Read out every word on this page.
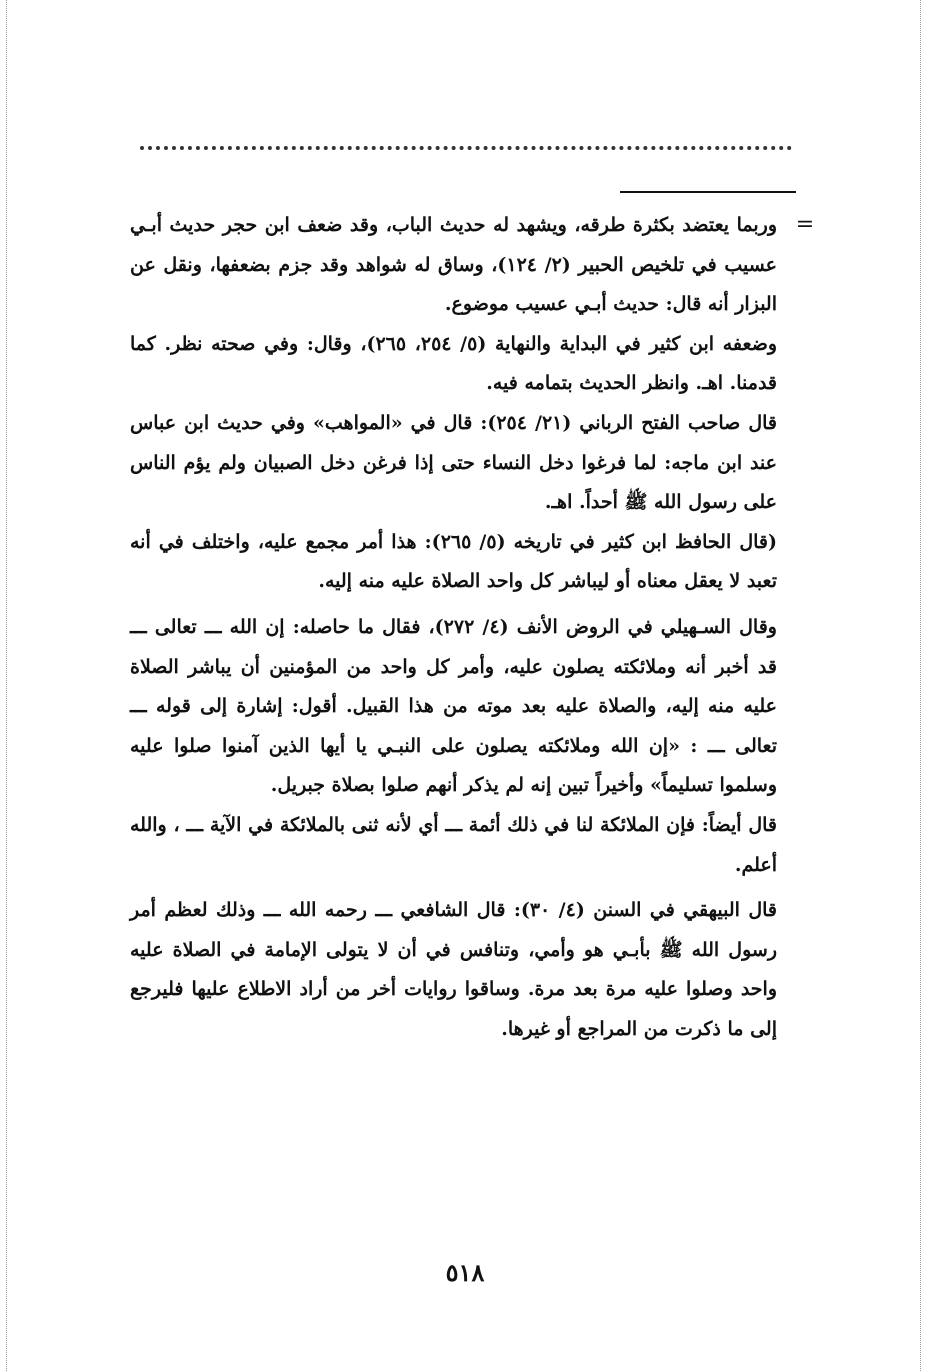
=

وربما يعتضد بكثرة طرقه، ويشهد له حديث الباب، وقد ضعف ابن حجر حديث أبـي عسيب في تلخيص الحبير (٢/ ١٢٤)، وساق له شواهد وقد جزم بضعفها، ونقل عن البزار أنه قال: حديث أبـي عسيب موضوع.

وضعفه ابن كثير في البداية والنهاية (٥/ ٢٥٤، ٢٦٥)، وقال: وفي صحته نظر. كما قدمنا. اهـ. وانظر الحديث بتمامه فيه.

قال صاحب الفتح الرباني (٢١/ ٢٥٤): قال في «المواهب» وفي حديث ابن عباس عند ابن ماجه: لما فرغوا دخل النساء حتى إذا فرغن دخل الصبيان ولم يؤم الناس على رسول الله ﷺ أحداً. اهـ.

(قال الحافظ ابن كثير في تاريخه (٥/ ٢٦٥): هذا أمر مجمع عليه، واختلف في أنه تعبد لا يعقل معناه أو ليباشر كل واحد الصلاة عليه منه إليه.

وقال السـهيلي في الروض الأنف (٤/ ٢٧٢)، فقال ما حاصله: إن الله ـــ تعالى ـــ قد أخبر أنه وملائكته يصلون عليه، وأمر كل واحد من المؤمنين أن يباشر الصلاة عليه منه إليه، والصلاة عليه بعد موته من هذا القبيل. أقول: إشارة إلى قوله ـــ تعالى ـــ : «إن الله وملائكته يصلون على النبـي يا أيها الذين آمنوا صلوا عليه وسلموا تسليماً» وأخيراً تبين إنه لم يذكر أنهم صلوا بصلاة جبريل.

قال أيضاً: فإن الملائكة لنا في ذلك أئمة ـــ أي لأنه ثنى بالملائكة في الآية ـــ ، والله أعلم.

قال البيهقي في السنن (٤/ ٣٠): قال الشافعي ـــ رحمه الله ـــ وذلك لعظم أمر رسول الله ﷺ بأبـي هو وأمي، وتنافس في أن لا يتولى الإمامة في الصلاة عليه واحد وصلوا عليه مرة بعد مرة. وساقوا روايات أخر من أراد الاطلاع عليها فليرجع إلى ما ذكرت من المراجع أو غيرها.

٥١٨
